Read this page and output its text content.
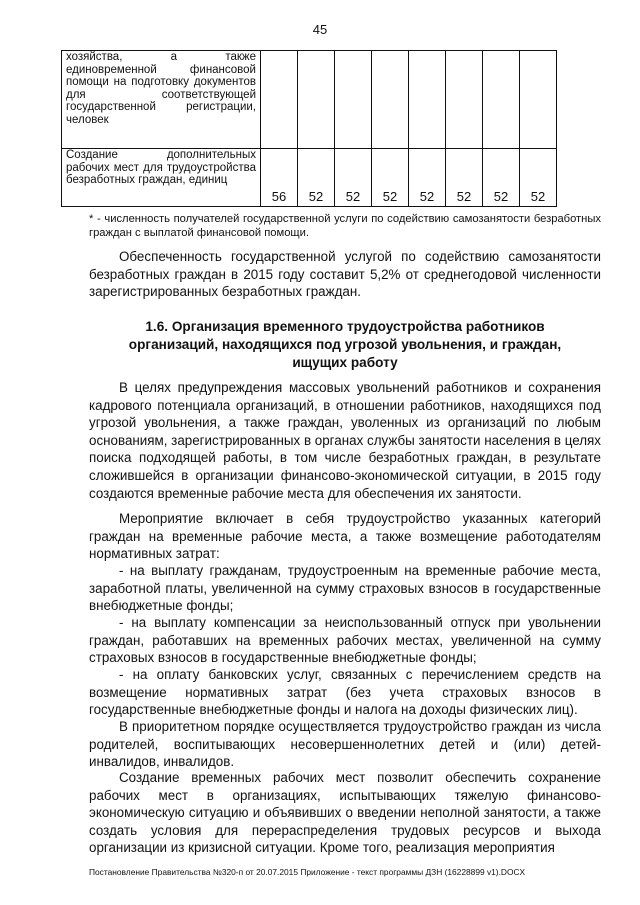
45
хозяйства, а также единовременной финансовой помощи на подготовку документов для соответствующей государственной регистрации, человек								
Создание дополнительных рабочих мест для трудоустройства безработных граждан, единиц	56	52	52	52	52	52	52	52
* - численность получателей государственной услуги по содействию самозанятости безработных граждан с выплатой финансовой помощи.

Обеспеченность государственной услугой по содействию самозанятости безработных граждан в 2015 году составит 5,2% от среднегодовой численности зарегистрированных безработных граждан.

1.6. Организация временного трудоустройства работников организаций, находящихся под угрозой увольнения, и граждан, ищущих работу

В целях предупреждения массовых увольнений работников и сохранения кадрового потенциала организаций, в отношении работников, находящихся под угрозой увольнения, а также граждан, уволенных из организаций по любым основаниям, зарегистрированных в органах службы занятости населения в целях поиска подходящей работы, в том числе безработных граждан, в результате сложившейся в организации финансово-экономической ситуации, в 2015 году создаются временные рабочие места для обеспечения их занятости.

Мероприятие включает в себя трудоустройство указанных категорий граждан на временные рабочие места, а также возмещение работодателям нормативных затрат:

- на выплату гражданам, трудоустроенным на временные рабочие места, заработной платы, увеличенной на сумму страховых взносов в государственные внебюджетные фонды;

- на выплату компенсации за неиспользованный отпуск при увольнении граждан, работавших на временных рабочих местах, увеличенной на сумму страховых взносов в государственные внебюджетные фонды;

- на оплату банковских услуг, связанных с перечислением средств на возмещение нормативных затрат (без учета страховых взносов в государственные внебюджетные фонды и налога на доходы физических лиц).

В приоритетном порядке осуществляется трудоустройство граждан из числа родителей, воспитывающих несовершеннолетних детей и (или) детей-инвалидов, инвалидов.

Создание временных рабочих мест позволит обеспечить сохранение рабочих мест в организациях, испытывающих тяжелую финансово-экономическую ситуацию и объявивших о введении неполной занятости, а также создать условия для перераспределения трудовых ресурсов и выхода организации из кризисной ситуации. Кроме того, реализация мероприятия

Постановление Правительства №320-п от 20.07.2015 Приложение - текст программы ДЗН (16228899 v1).DOCX
